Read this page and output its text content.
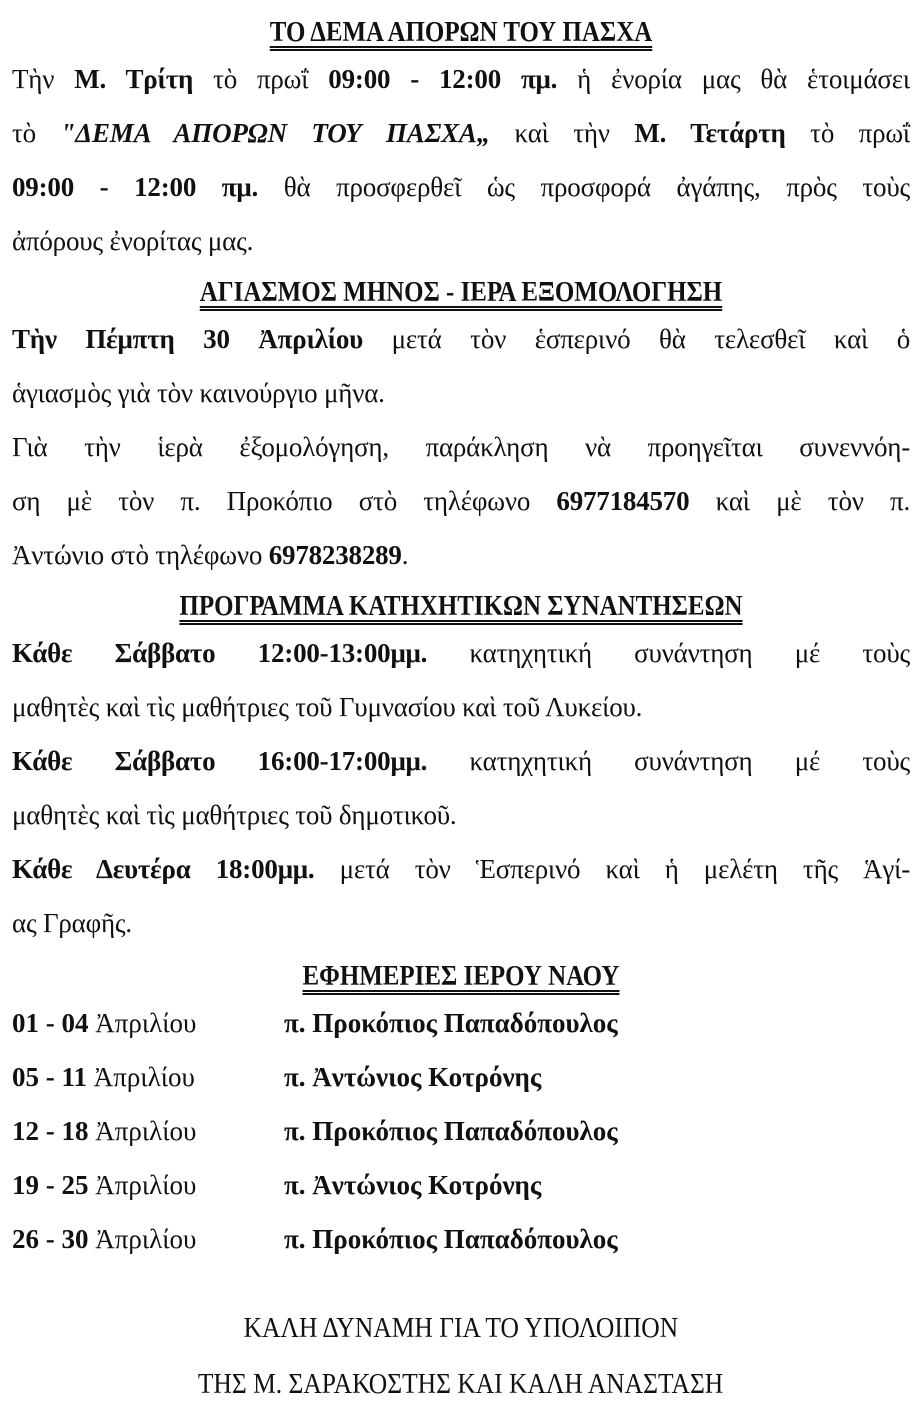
ΤΟ ΔΕΜΑ ΑΠΟΡΩΝ ΤΟΥ ΠΑΣΧΑ

Τὴν Μ. Τρίτη τὸ πρωΐ 09:00 - 12:00 πμ. ἡ ἐνορία μας θὰ ἑτοιμάσει

τὸ "ΔΕΜΑ ΑΠΟΡΩΝ ΤΟΥ ΠΑΣΧΑ„ καὶ τὴν Μ. Τετάρτη τὸ πρωΐ

09:00 - 12:00 πμ. θὰ προσφερθεῖ ὡς προσφορά ἀγάπης, πρὸς τοὺς

ἀπόρους ἐνορίτας μας.

ΑΓΙΑΣΜΟΣ ΜΗΝΟΣ - ΙΕΡΑ ΕΞΟΜΟΛΟΓΗΣΗ

Τὴν Πέμπτη 30 Ἀπριλίου μετά τὸν ἑσπερινό θὰ τελεσθεῖ καὶ ὁ

ἁγιασμὸς γιὰ τὸν καινούργιο μῆνα.

Γιὰ τὴν ἱερὰ ἐξομολόγηση, παράκληση νὰ προηγεῖται συνεννόη-

ση μὲ τὸν π. Προκόπιο στὸ τηλέφωνο 6977184570 καὶ μὲ τὸν π.

Ἀντώνιο στὸ τηλέφωνο 6978238289.

ΠΡΟΓΡΑΜΜΑ ΚΑΤΗΧΗΤΙΚΩΝ ΣΥΝΑΝΤΗΣΕΩΝ

Κάθε Σάββατο 12:00-13:00μμ. κατηχητική συνάντηση μέ τοὺς

μαθητὲς καὶ τὶς μαθήτριες τοῦ Γυμνασίου καὶ τοῦ Λυκείου.

Κάθε Σάββατο 16:00-17:00μμ. κατηχητική συνάντηση μέ τοὺς

μαθητὲς καὶ τὶς μαθήτριες τοῦ δημοτικοῦ.

Κάθε Δευτέρα 18:00μμ. μετά τὸν Ἑσπερινό καὶ ἡ μελέτη τῆς Ἁγί-

ας Γραφῆς.

ΕΦΗΜΕΡΙΕΣ ΙΕΡΟΥ ΝΑΟΥ
01 - 04 Ἀπριλίου	π. Προκόπιος Παπαδόπουλος
05 - 11 Ἀπριλίου	π. Ἀντώνιος Κοτρόνης
12 - 18 Ἀπριλίου	π. Προκόπιος Παπαδόπουλος
19 - 25 Ἀπριλίου	π. Ἀντώνιος Κοτρόνης
26 - 30 Ἀπριλίου	π. Προκόπιος Παπαδόπουλος
ΚΑΛΗ ΔΥΝΑΜΗ ΓΙΑ ΤΟ ΥΠΟΛΟΙΠΟΝ
ΤΗΣ Μ. ΣΑΡΑΚΟΣΤΗΣ ΚΑΙ ΚΑΛΗ ΑΝΑΣΤΑΣΗ
